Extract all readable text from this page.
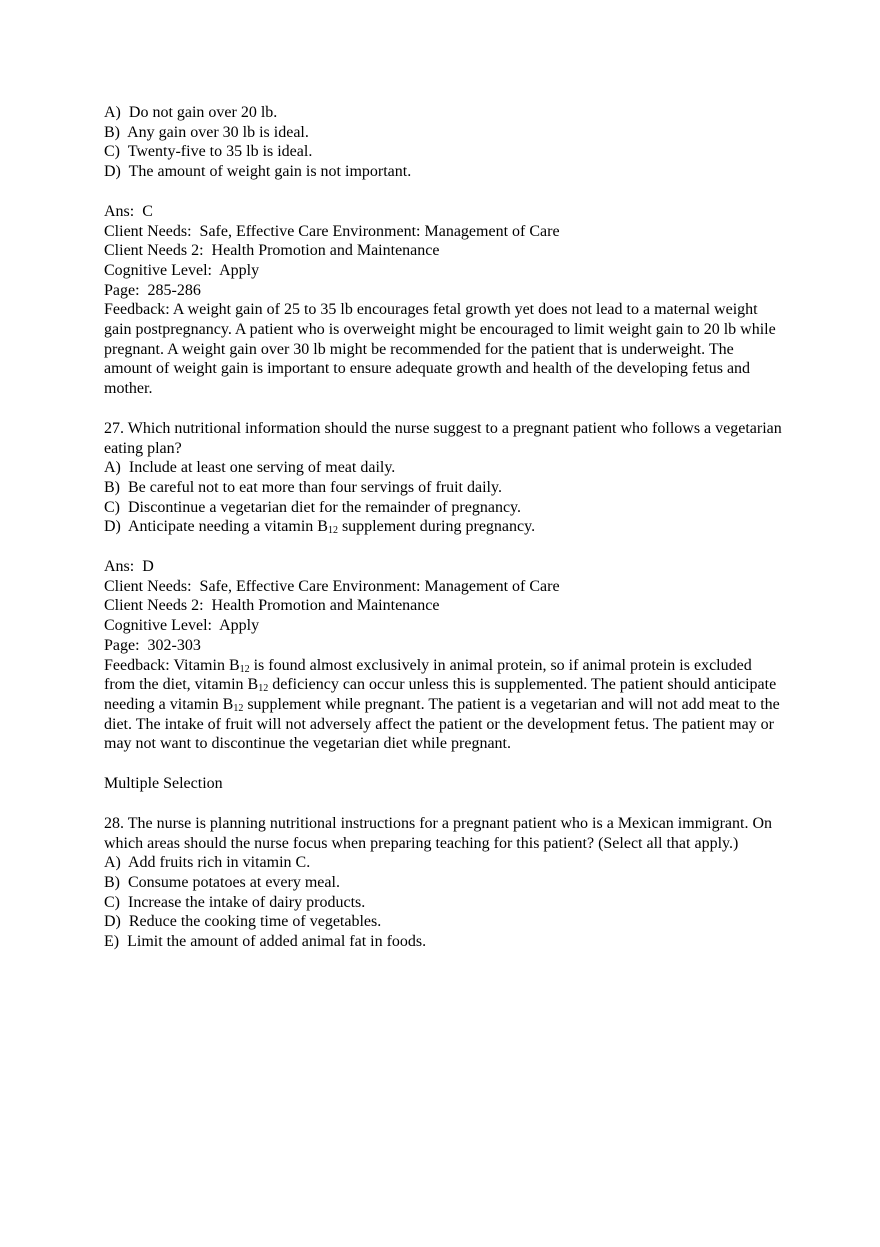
A)  Do not gain over 20 lb.

B)  Any gain over 30 lb is ideal.

C)  Twenty-five to 35 lb is ideal.

D)  The amount of weight gain is not important.

Ans:  C

Client Needs:  Safe, Effective Care Environment: Management of Care

Client Needs 2:  Health Promotion and Maintenance

Cognitive Level:  Apply

Page:  285-286

Feedback: A weight gain of 25 to 35 lb encourages fetal growth yet does not lead to a maternal weight gain postpregnancy. A patient who is overweight might be encouraged to limit weight gain to 20 lb while pregnant. A weight gain over 30 lb might be recommended for the patient that is underweight. The amount of weight gain is important to ensure adequate growth and health of the developing fetus and mother.

27. Which nutritional information should the nurse suggest to a pregnant patient who follows a vegetarian eating plan?

A)  Include at least one serving of meat daily.

B)  Be careful not to eat more than four servings of fruit daily.

C)  Discontinue a vegetarian diet for the remainder of pregnancy.

D)  Anticipate needing a vitamin $B_{12}$ supplement during pregnancy.

Ans:  D

Client Needs:  Safe, Effective Care Environment: Management of Care

Client Needs 2:  Health Promotion and Maintenance

Cognitive Level:  Apply

Page:  302-303

Feedback: Vitamin $B_{12}$ is found almost exclusively in animal protein, so if animal protein is excluded from the diet, vitamin $B_{12}$ deficiency can occur unless this is supplemented. The patient should anticipate needing a vitamin $B_{12}$ supplement while pregnant. The patient is a vegetarian and will not add meat to the diet. The intake of fruit will not adversely affect the patient or the development fetus. The patient may or may not want to discontinue the vegetarian diet while pregnant.

Multiple Selection

28. The nurse is planning nutritional instructions for a pregnant patient who is a Mexican immigrant. On which areas should the nurse focus when preparing teaching for this patient? (Select all that apply.)

A)  Add fruits rich in vitamin C.

B)  Consume potatoes at every meal.

C)  Increase the intake of dairy products.

D)  Reduce the cooking time of vegetables.

E)  Limit the amount of added animal fat in foods.
